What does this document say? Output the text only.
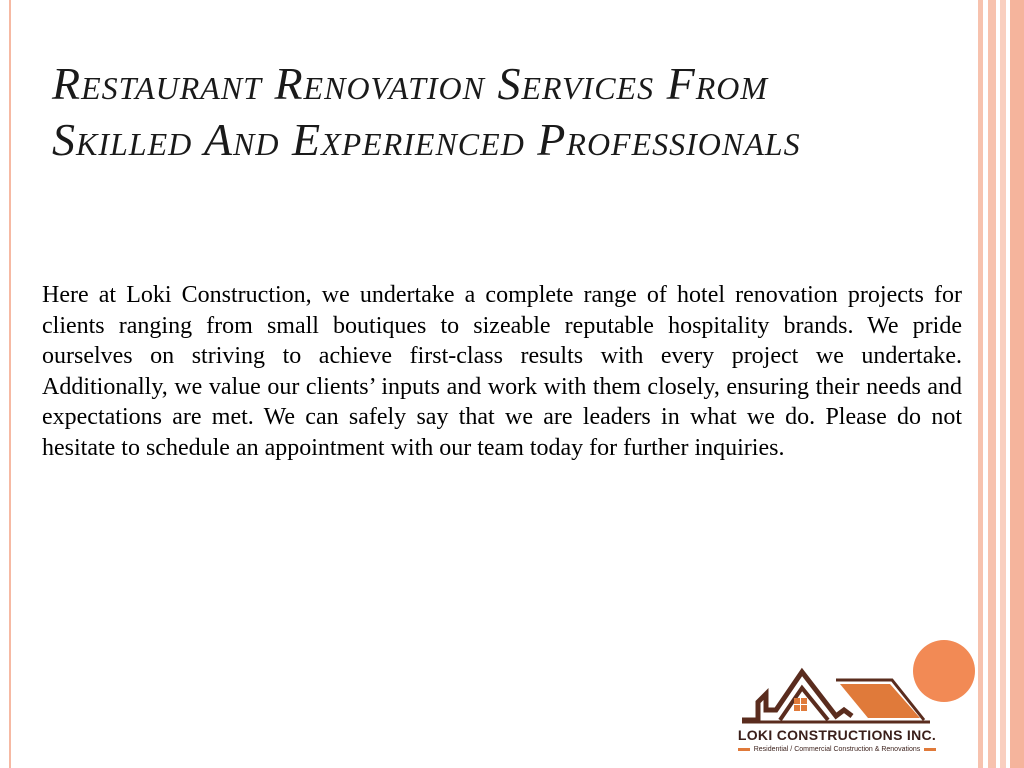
Restaurant Renovation Services From
Skilled And Experienced Professionals

Here at Loki Construction, we undertake a complete range of hotel renovation projects for clients ranging from small boutiques to sizeable reputable hospitality brands. We pride ourselves on striving to achieve first-class results with every project we undertake. Additionally, we value our clients’ inputs and work with them closely, ensuring their needs and expectations are met. We can safely say that we are leaders in what we do. Please do not hesitate to schedule an appointment with our team today for further inquiries.

LOKI CONSTRUCTIONS INC.
Residential / Commercial Construction & Renovations
